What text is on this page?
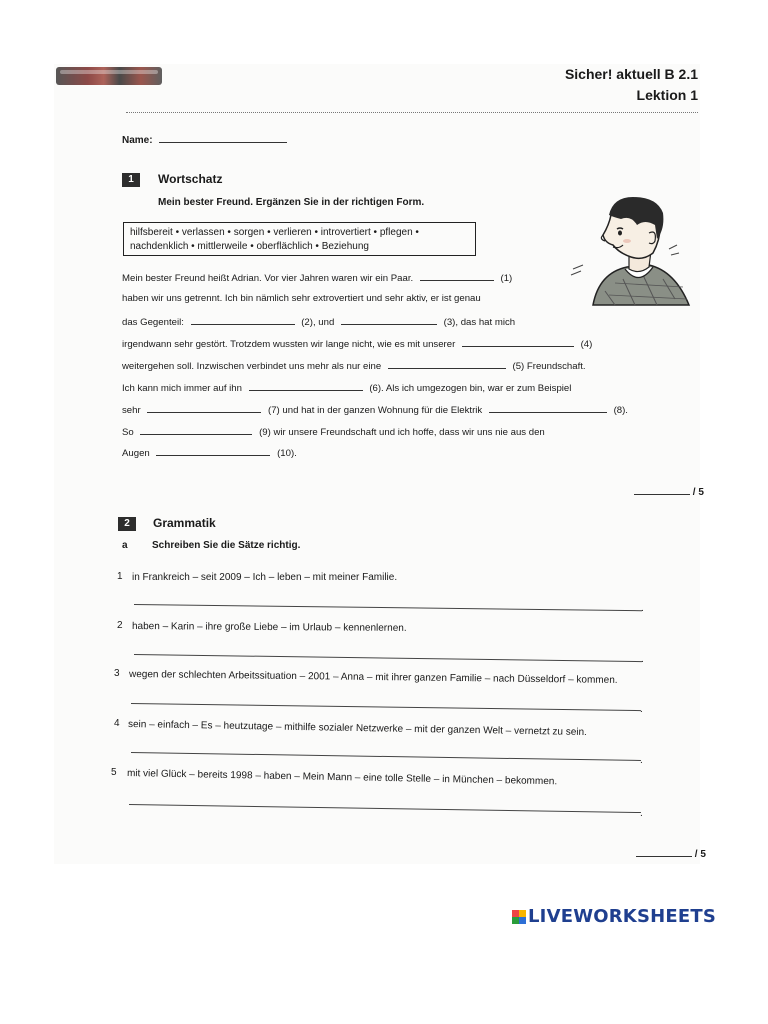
Sicher! aktuell B 2.1
Lektion 1
Name:
1	Wortschatz
Mein bester Freund. Ergänzen Sie in der richtigen Form.
hilfsbereit • verlassen • sorgen • verlieren • introvertiert • pflegen •
nachdenklich • mittlerweile • oberflächlich • Beziehung
Mein bester Freund heißt Adrian. Vor vier Jahren waren wir ein Paar.	(1)
haben wir uns getrennt. Ich bin nämlich sehr extrovertiert und sehr aktiv, er ist genau
das Gegenteil:	(2), und	(3), das hat mich
irgendwann sehr gestört. Trotzdem wussten wir lange nicht, wie es mit unserer	(4)
weitergehen soll. Inzwischen verbindet uns mehr als nur eine	(5) Freundschaft.
Ich kann mich immer auf ihn	(6). Als ich umgezogen bin, war er zum Beispiel
sehr	(7) und hat in der ganzen Wohnung für die Elektrik	(8).
So	(9) wir unsere Freundschaft und ich hoffe, dass wir uns nie aus den
Augen	(10).
/ 5
2	Grammatik
a Schreiben Sie die Sätze richtig.
1 in Frankreich – seit 2009 – Ich – leben – mit meiner Familie.
.
2 haben – Karin – ihre große Liebe – im Urlaub – kennenlernen.
.
3 wegen der schlechten Arbeitssituation – 2001 – Anna – mit ihrer ganzen Familie – nach Düsseldorf – kommen.
.
4 sein – einfach – Es – heutzutage – mithilfe sozialer Netzwerke – mit der ganzen Welt – vernetzt zu sein.
.
5 mit viel Glück – bereits 1998 – haben – Mein Mann – eine tolle Stelle – in München – bekommen.
.
/ 5
LIVEWORKSHEETS
